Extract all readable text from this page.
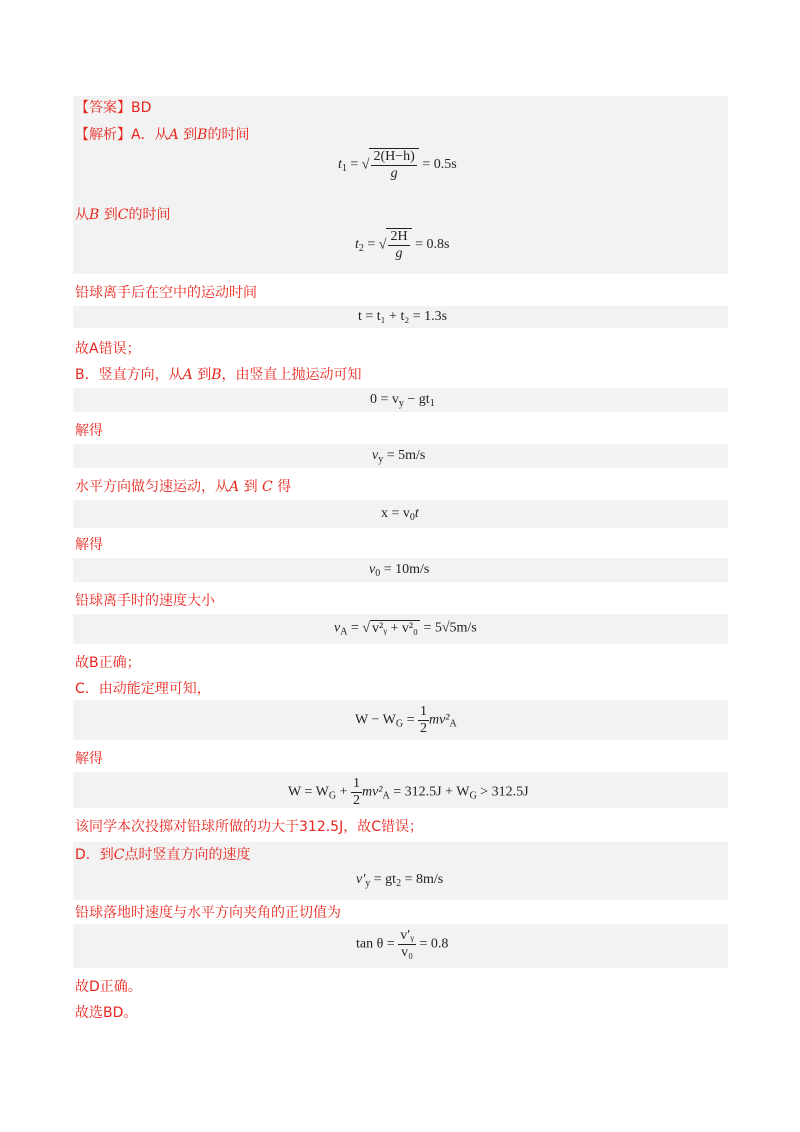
【答案】BD
【解析】A．从A 到B的时间
$t_1$ = √ $\frac{2(H-h)}{g} = 0.5s$
从B 到C的时间
$t_2$ = √ $\frac{2H}{g} = 0.8s$
铅球离手后在空中的运动时间
t = t₁ + t₂ = 1.3s
故A错误；
B．竖直方向，从A 到B，由竖直上抛运动可知
$0 = v_y - gt_1$
解得
$v_y = 5m/s$
水平方向做匀速运动，从A 到 C 得
$x = v_0t$
解得
$v_0 = 10m/s$
铅球离手时的速度大小
$v_A$ = √ v²ᵧ + v²₀ = 5√5m/s
故B正确；
C．由动能定理可知，
$W - W_G = \frac{1}{2} mv^2_A$
解得
$W = W_G + \frac{1}{2} mv^2_A = 312.5J + W_G > 312.5J$
该同学本次投掷对铅球所做的功大于312.5J，故C错误；
D．到C点时竖直方向的速度
$v'_y = gt_2 = 8m/s$
铅球落地时速度与水平方向夹角的正切值为
$\tan \theta = \frac{\text{v′ᵧ}}{\text{v₀}} = 0.8$
故D正确。
故选BD。
